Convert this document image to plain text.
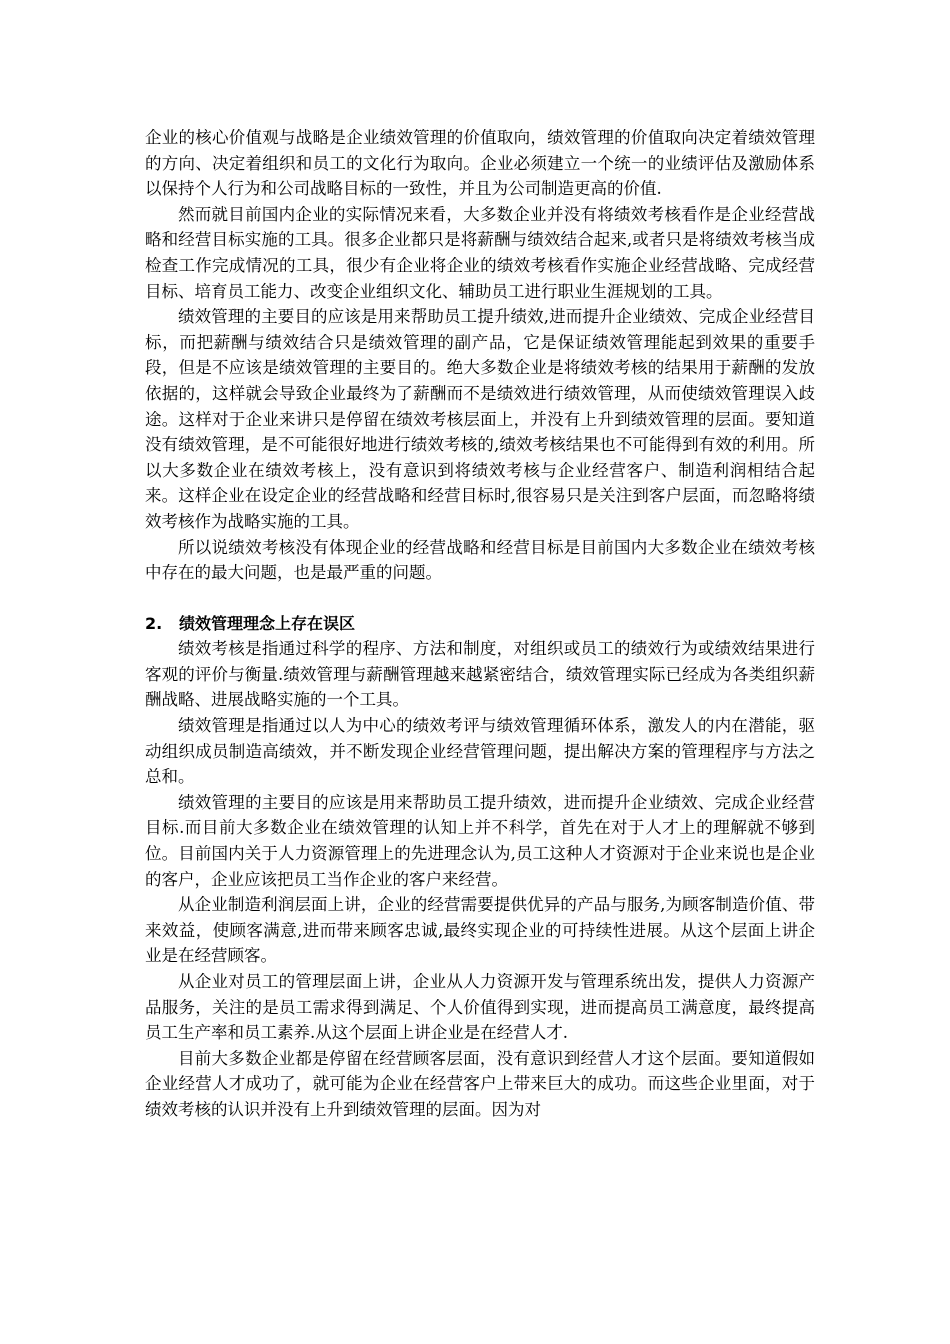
企业的核心价值观与战略是企业绩效管理的价值取向，绩效管理的价值取向决定着绩效管理的方向、决定着组织和员工的文化行为取向。企业必须建立一个统一的业绩评估及激励体系以保持个人行为和公司战略目标的一致性，并且为公司制造更高的价值.

然而就目前国内企业的实际情况来看，大多数企业并没有将绩效考核看作是企业经营战略和经营目标实施的工具。很多企业都只是将薪酬与绩效结合起来,或者只是将绩效考核当成检查工作完成情况的工具，很少有企业将企业的绩效考核看作实施企业经营战略、完成经营目标、培育员工能力、改变企业组织文化、辅助员工进行职业生涯规划的工具。

绩效管理的主要目的应该是用来帮助员工提升绩效,进而提升企业绩效、完成企业经营目标，而把薪酬与绩效结合只是绩效管理的副产品，它是保证绩效管理能起到效果的重要手段，但是不应该是绩效管理的主要目的。绝大多数企业是将绩效考核的结果用于薪酬的发放依据的，这样就会导致企业最终为了薪酬而不是绩效进行绩效管理，从而使绩效管理误入歧途。这样对于企业来讲只是停留在绩效考核层面上，并没有上升到绩效管理的层面。要知道没有绩效管理，是不可能很好地进行绩效考核的,绩效考核结果也不可能得到有效的利用。所以大多数企业在绩效考核上，没有意识到将绩效考核与企业经营客户、制造利润相结合起来。这样企业在设定企业的经营战略和经营目标时,很容易只是关注到客户层面，而忽略将绩效考核作为战略实施的工具。

所以说绩效考核没有体现企业的经营战略和经营目标是目前国内大多数企业在绩效考核中存在的最大问题，也是最严重的问题。

2. 绩效管理理念上存在误区

绩效考核是指通过科学的程序、方法和制度，对组织或员工的绩效行为或绩效结果进行客观的评价与衡量.绩效管理与薪酬管理越来越紧密结合，绩效管理实际已经成为各类组织薪酬战略、进展战略实施的一个工具。

绩效管理是指通过以人为中心的绩效考评与绩效管理循环体系，激发人的内在潜能，驱动组织成员制造高绩效，并不断发现企业经营管理问题，提出解决方案的管理程序与方法之总和。

绩效管理的主要目的应该是用来帮助员工提升绩效，进而提升企业绩效、完成企业经营目标.而目前大多数企业在绩效管理的认知上并不科学，首先在对于人才上的理解就不够到位。目前国内关于人力资源管理上的先进理念认为,员工这种人才资源对于企业来说也是企业的客户，企业应该把员工当作企业的客户来经营。

从企业制造利润层面上讲，企业的经营需要提供优异的产品与服务,为顾客制造价值、带来效益，使顾客满意,进而带来顾客忠诚,最终实现企业的可持续性进展。从这个层面上讲企业是在经营顾客。

从企业对员工的管理层面上讲，企业从人力资源开发与管理系统出发，提供人力资源产品服务，关注的是员工需求得到满足、个人价值得到实现，进而提高员工满意度，最终提高员工生产率和员工素养.从这个层面上讲企业是在经营人才.

目前大多数企业都是停留在经营顾客层面，没有意识到经营人才这个层面。要知道假如企业经营人才成功了，就可能为企业在经营客户上带来巨大的成功。而这些企业里面，对于绩效考核的认识并没有上升到绩效管理的层面。因为对
